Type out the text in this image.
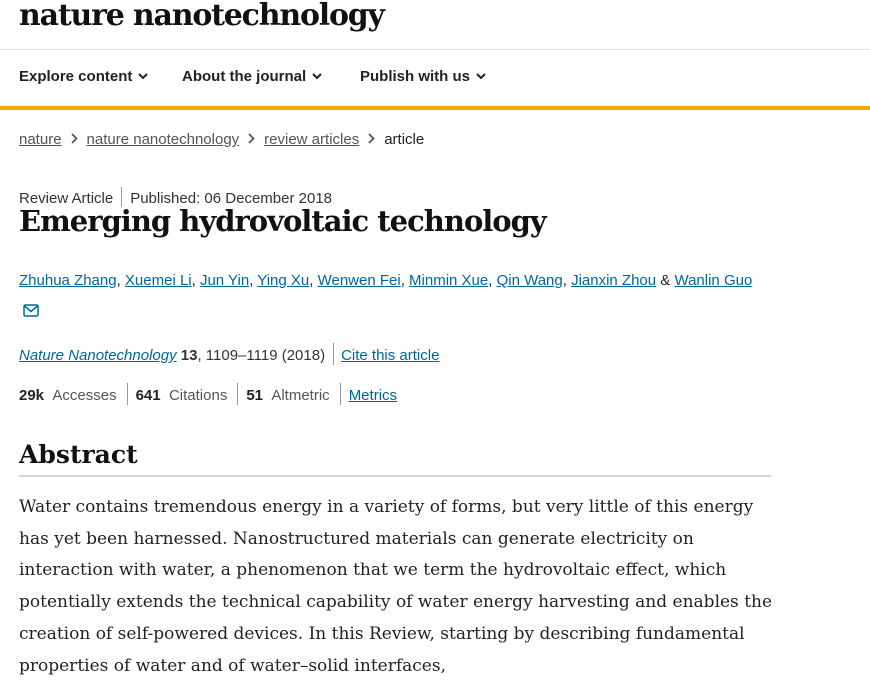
nature nanotechnology
Explore content	About the journal	Publish with us
nature nature nanotechnology review articles article
Review Article Published: 06 December 2018
Emerging hydrovoltaic technology
Zhuhua Zhang, Xuemei Li, Jun Yin, Ying Xu, Wenwen Fei, Minmin Xue, Qin Wang, Jianxin Zhou & Wanlin Guo
Nature Nanotechnology 13, 1109–1119 (2018) Cite this article
29k Accesses 641 Citations 51 Altmetric Metrics
Abstract

Water contains tremendous energy in a variety of forms, but very little of this energy has yet been harnessed. Nanostructured materials can generate electricity on interaction with water, a phenomenon that we term the hydrovoltaic effect, which potentially extends the technical capability of water energy harvesting and enables the creation of self-powered devices. In this Review, starting by describing fundamental properties of water and of water–solid interfaces,
